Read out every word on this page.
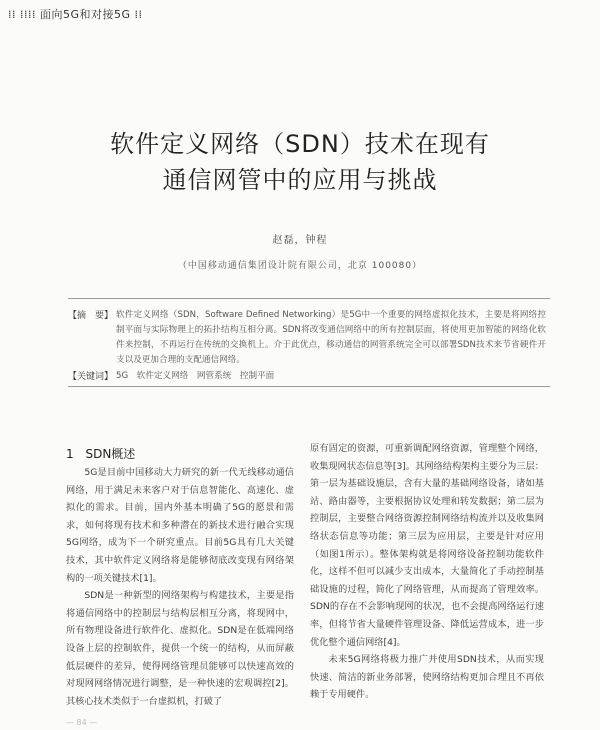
⁞⁞ ⁞⁞⁞⁞ 面向5G和对接5G ⁞⁞
软件定义网络（SDN）技术在现有
通信网管中的应用与挑战
赵磊，钟程
（中国移动通信集团设计院有限公司，北京 100080）
【摘　要】 软件定义网络（SDN，Software Defined Networking）是5G中一个重要的网络虚拟化技术，主要是将网络控制平面与实际物理上的拓扑结构互相分离。SDN将改变通信网络中的所有控制层面，将使用更加智能的网络化软件来控制，不再运行在传统的交换机上。介于此优点，移动通信的网管系统完全可以部署SDN技术来节省硬件开支以及更加合理的支配通信网络。
【关键词】 5G　软件定义网络　网管系统　控制平面
1 SDN概述

5G是目前中国移动大力研究的新一代无线移动通信网络，用于满足未来客户对于信息智能化、高速化、虚拟化的需求。目前，国内外基本明确了5G的愿景和需求，如何将现有技术和多种潜在的新技术进行融合实现5G网络，成为下一个研究重点。目前5G具有几大关键技术，其中软件定义网络将是能够彻底改变现有网络架构的一项关键技术[1]。

SDN是一种新型的网络架构与构建技术，主要是指将通信网络中的控制层与结构层相互分离，将现网中，所有物理设备进行软件化、虚拟化。SDN是在低端网络设备上层的控制软件，提供一个统一的结构，从而屏蔽低层硬件的差异，使得网络管理员能够可以快速高效的对现网网络情况进行调整，是一种快速的宏观调控[2]。其核心技术类似于一台虚拟机，打破了

原有固定的资源，可重新调配网络资源，管理整个网络，收集现网状态信息等[3]。其网络结构架构主要分为三层：第一层为基础设施层，含有大量的基础网络设备，诸如基站、路由器等，主要根据协议处理和转发数据；第二层为控制层，主要整合网络资源控制网络结构流并以及收集网络状态信息等功能；第三层为应用层，主要是针对应用（如图1所示）。整体架构就是将网络设备控制功能软件化，这样不但可以减少支出成本，大量简化了手动控制基础设施的过程，简化了网络管理，从而提高了管理效率。SDN的存在不会影响现网的状况，也不会提高网络运行速率，但将节省大量硬件管理设备、降低运营成本，进一步优化整个通信网络[4]。

未来5G网络将极力推广并使用SDN技术，从而实现快速、简洁的新业务部署，使网络结构更加合理且不再依赖于专用硬件。

— 84 —
